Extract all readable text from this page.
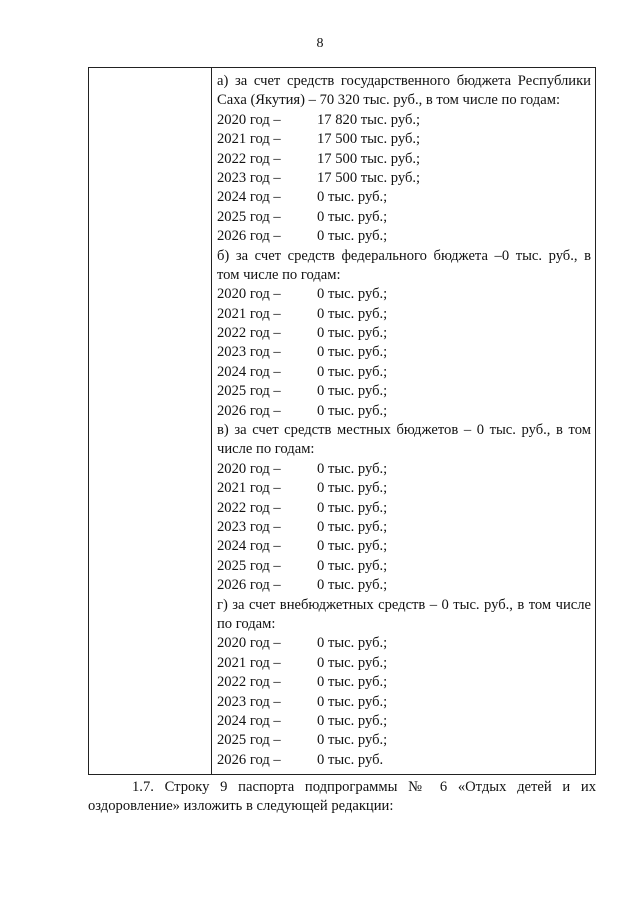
8
а) за счет средств государственного бюджета Республики
Саха (Якутия) – 70 320 тыс. руб., в том числе по годам:
2020 год – 17 820 тыс. руб.;
2021 год – 17 500 тыс. руб.;
2022 год – 17 500 тыс. руб.;
2023 год – 17 500 тыс. руб.;
2024 год – 0 тыс. руб.;
2025 год – 0 тыс. руб.;
2026 год – 0 тыс. руб.;
б) за счет средств федерального бюджета –0 тыс. руб., в
том числе по годам:
2020 год – 0 тыс. руб.;
2021 год – 0 тыс. руб.;
2022 год – 0 тыс. руб.;
2023 год – 0 тыс. руб.;
2024 год – 0 тыс. руб.;
2025 год – 0 тыс. руб.;
2026 год – 0 тыс. руб.;
в) за счет средств местных бюджетов – 0 тыс. руб., в том
числе по годам:
2020 год – 0 тыс. руб.;
2021 год – 0 тыс. руб.;
2022 год – 0 тыс. руб.;
2023 год – 0 тыс. руб.;
2024 год – 0 тыс. руб.;
2025 год – 0 тыс. руб.;
2026 год – 0 тыс. руб.;
г) за счет внебюджетных средств – 0 тыс. руб., в том числе
по годам:
2020 год – 0 тыс. руб.;
2021 год – 0 тыс. руб.;
2022 год – 0 тыс. руб.;
2023 год – 0 тыс. руб.;
2024 год – 0 тыс. руб.;
2025 год – 0 тыс. руб.;
2026 год – 0 тыс. руб.
1.7. Строку 9 паспорта подпрограммы № 6 «Отдых детей и их
оздоровление» изложить в следующей редакции:
